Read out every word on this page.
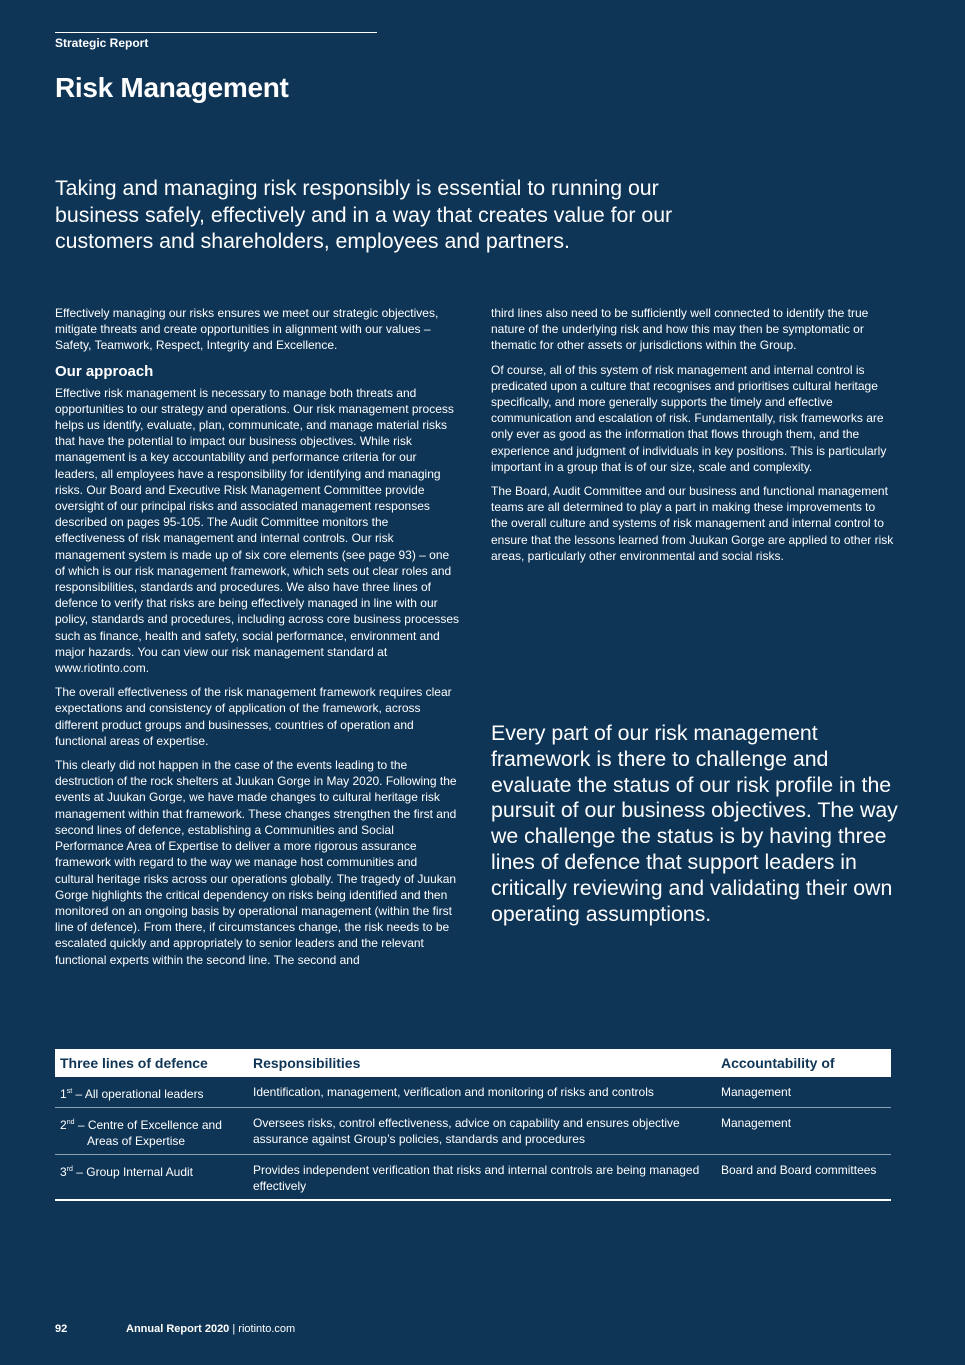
Strategic Report
Risk Management
Taking and managing risk responsibly is essential to running our business safely, effectively and in a way that creates value for our customers and shareholders, employees and partners.

Effectively managing our risks ensures we meet our strategic objectives, mitigate threats and create opportunities in alignment with our values – Safety, Teamwork, Respect, Integrity and Excellence.

Our approach

Effective risk management is necessary to manage both threats and opportunities to our strategy and operations. Our risk management process helps us identify, evaluate, plan, communicate, and manage material risks that have the potential to impact our business objectives. While risk management is a key accountability and performance criteria for our leaders, all employees have a responsibility for identifying and managing risks. Our Board and Executive Risk Management Committee provide oversight of our principal risks and associated management responses described on pages 95-105. The Audit Committee monitors the effectiveness of risk management and internal controls. Our risk management system is made up of six core elements (see page 93) – one of which is our risk management framework, which sets out clear roles and responsibilities, standards and procedures. We also have three lines of defence to verify that risks are being effectively managed in line with our policy, standards and procedures, including across core business processes such as finance, health and safety, social performance, environment and major hazards. You can view our risk management standard at www.riotinto.com.

The overall effectiveness of the risk management framework requires clear expectations and consistency of application of the framework, across different product groups and businesses, countries of operation and functional areas of expertise.

This clearly did not happen in the case of the events leading to the destruction of the rock shelters at Juukan Gorge in May 2020. Following the events at Juukan Gorge, we have made changes to cultural heritage risk management within that framework. These changes strengthen the first and second lines of defence, establishing a Communities and Social Performance Area of Expertise to deliver a more rigorous assurance framework with regard to the way we manage host communities and cultural heritage risks across our operations globally. The tragedy of Juukan Gorge highlights the critical dependency on risks being identified and then monitored on an ongoing basis by operational management (within the first line of defence). From there, if circumstances change, the risk needs to be escalated quickly and appropriately to senior leaders and the relevant functional experts within the second line. The second and

third lines also need to be sufficiently well connected to identify the true nature of the underlying risk and how this may then be symptomatic or thematic for other assets or jurisdictions within the Group.

Of course, all of this system of risk management and internal control is predicated upon a culture that recognises and prioritises cultural heritage specifically, and more generally supports the timely and effective communication and escalation of risk. Fundamentally, risk frameworks are only ever as good as the information that flows through them, and the experience and judgment of individuals in key positions. This is particularly important in a group that is of our size, scale and complexity.

The Board, Audit Committee and our business and functional management teams are all determined to play a part in making these improvements to the overall culture and systems of risk management and internal control to ensure that the lessons learned from Juukan Gorge are applied to other risk areas, particularly other environmental and social risks.

Every part of our risk management framework is there to challenge and evaluate the status of our risk profile in the pursuit of our business objectives. The way we challenge the status is by having three lines of defence that support leaders in critically reviewing and validating their own operating assumptions.
Three lines of defence	Responsibilities	Accountability of
1st – All operational leaders	Identification, management, verification and monitoring of risks and controls	Management
2nd – Centre of Excellence and
Areas of Expertise	Oversees risks, control effectiveness, advice on capability and ensures objective assurance against Group’s policies, standards and procedures	Management
3rd – Group Internal Audit	Provides independent verification that risks and internal controls are being managed effectively	Board and Board committees
92	Annual Report 2020 | riotinto.com
